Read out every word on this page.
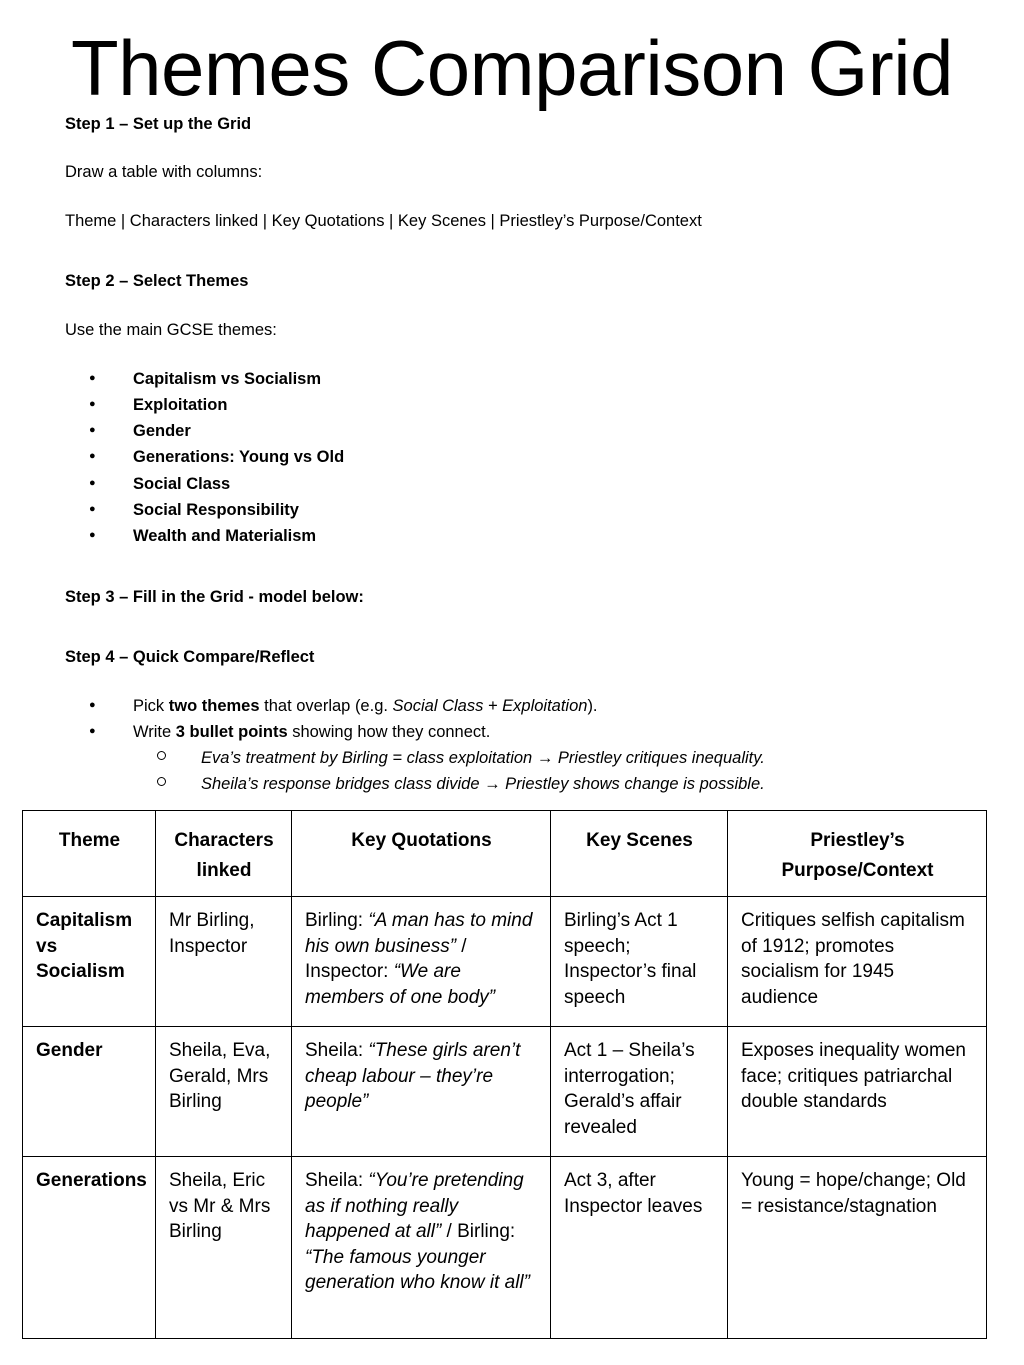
Themes Comparison Grid
Step 1 – Set up the Grid
Draw a table with columns:
Theme | Characters linked | Key Quotations | Key Scenes | Priestley’s Purpose/Context
Step 2 – Select Themes
Use the main GCSE themes:
●
Capitalism vs Socialism
●
Exploitation
●
Gender
●
Generations: Young vs Old
●
Social Class
●
Social Responsibility
●
Wealth and Materialism
Step 3 – Fill in the Grid - model below:
Step 4 – Quick Compare/Reflect
●
Pick two themes that overlap (e.g. Social Class + Exploitation).
●
Write 3 bullet points showing how they connect.
Eva’s treatment by Birling = class exploitation → Priestley critiques inequality.
Sheila’s response bridges class divide → Priestley shows change is possible.
Theme	Characters linked	Key Quotations	Key Scenes	Priestley’s Purpose/Context
Capitalism vs Socialism	Mr Birling, Inspector	Birling: “A man has to mind his own business” / Inspector: “We are members of one body”	Birling’s Act 1 speech; Inspector’s final speech	Critiques selfish capitalism of 1912; promotes socialism for 1945 audience
Gender	Sheila, Eva, Gerald, Mrs Birling	Sheila: “These girls aren’t cheap labour – they’re people”	Act 1 – Sheila’s interrogation; Gerald’s affair revealed	Exposes inequality women face; critiques patriarchal double standards
Generations	Sheila, Eric vs Mr & Mrs Birling	Sheila: “You’re pretending as if nothing really happened at all” / Birling: “The famous younger generation who know it all”	Act 3, after Inspector leaves	Young = hope/change; Old = resistance/stagnation
